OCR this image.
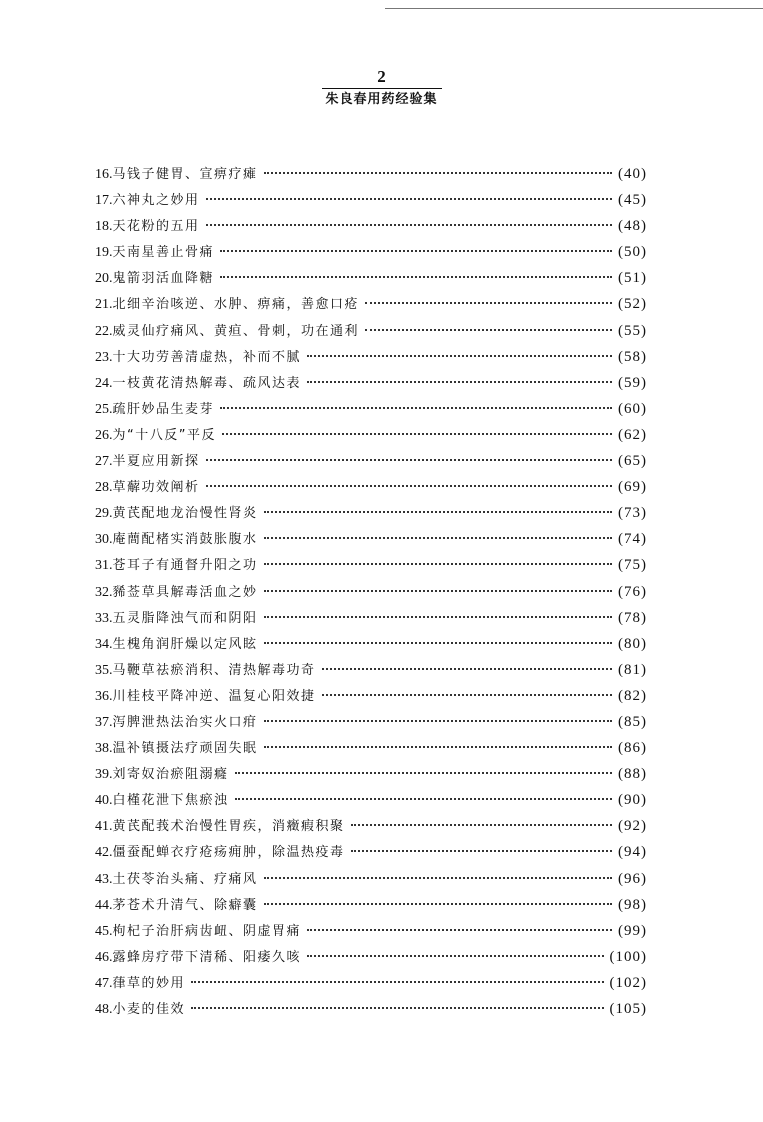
2
朱良春用药经验集
16. 马钱子健胃、宣痹疗瘫	(40)
17. 六神丸之妙用	(45)
18. 天花粉的五用	(48)
19. 天南星善止骨痛	(50)
20. 鬼箭羽活血降糖	(51)
21. 北细辛治咳逆、水肿、痹痛，善愈口疮	(52)
22. 威灵仙疗痛风、黄疸、骨刺，功在通利	(55)
23. 十大功劳善清虚热，补而不腻	(58)
24. 一枝黄花清热解毒、疏风达表	(59)
25. 疏肝妙品生麦芽	(60)
26. 为“十八反”平反	(62)
27. 半夏应用新探	(65)
28. 草薢功效阐析	(69)
29. 黄芪配地龙治慢性肾炎	(73)
30. 庵蕳配楮实消鼓胀腹水	(74)
31. 苍耳子有通督升阳之功	(75)
32. 豨莶草具解毒活血之妙	(76)
33. 五灵脂降浊气而和阴阳	(78)
34. 生槐角润肝燥以定风眩	(80)
35. 马鞭草祛瘀消积、清热解毒功奇	(81)
36. 川桂枝平降冲逆、温复心阳效捷	(82)
37. 泻脾泄热法治实火口疳	(85)
38. 温补镇摄法疗顽固失眠	(86)
39. 刘寄奴治瘀阻溺癃	(88)
40. 白槿花泄下焦瘀浊	(90)
41. 黄芪配莪术治慢性胃疾，消癥瘕积聚	(92)
42. 僵蚕配蝉衣疗疮疡痈肿，除温热疫毒	(94)
43. 土茯苓治头痛、疗痛风	(96)
44. 茅苍术升清气、除癖囊	(98)
45. 枸杞子治肝病齿衄、阴虚胃痛	(99)
46. 露蜂房疗带下清稀、阳痿久咳	(100)
47. 葎草的妙用	(102)
48. 小麦的佳效	(105)
